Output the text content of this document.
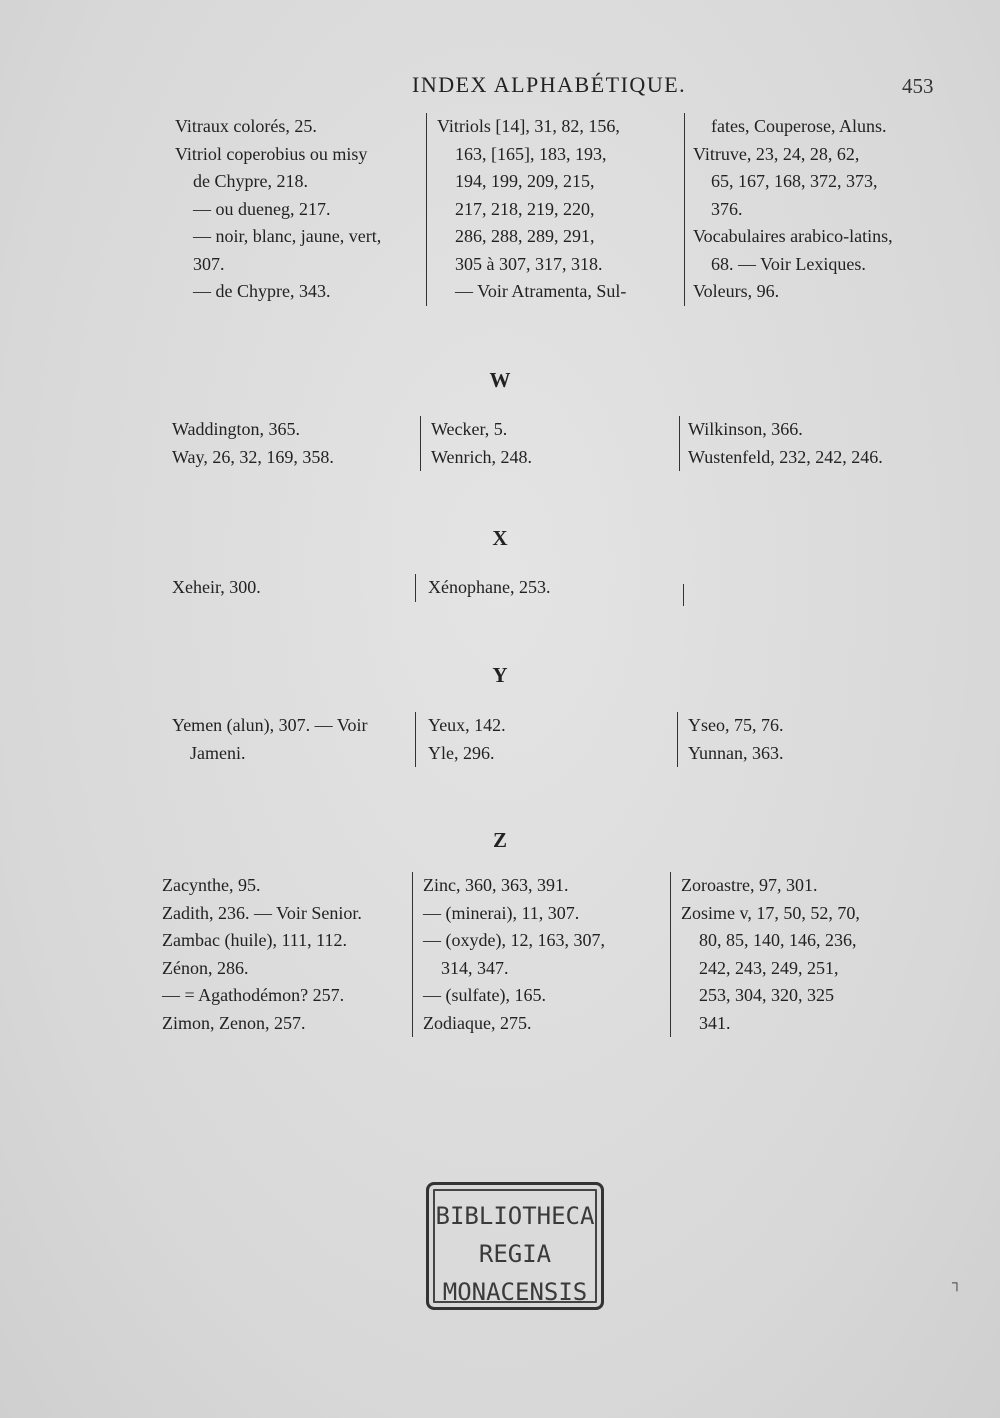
INDEX ALPHABÉTIQUE.	453

Vitraux colorés, 25.

Vitriol coperobius ou misy

de Chypre, 218.

— ou dueneg, 217.

— noir, blanc, jaune, vert,

307.

— de Chypre, 343.

Vitriols [14], 31, 82, 156,

163, [165], 183, 193,

194, 199, 209, 215,

217, 218, 219, 220,

286, 288, 289, 291,

305 à 307, 317, 318.

— Voir Atramenta, Sul-

fates, Couperose, Aluns.

Vitruve, 23, 24, 28, 62,

65, 167, 168, 372, 373,

376.

Vocabulaires arabico-latins,

68. — Voir Lexiques.

Voleurs, 96.

W

Waddington, 365.

Way, 26, 32, 169, 358.

Wecker, 5.

Wenrich, 248.

Wilkinson, 366.

Wustenfeld, 232, 242, 246.

X

Xeheir, 300.	Xénophane, 253.

Y

Yemen (alun), 307. — Voir

Jameni.

Yeux, 142.

Yle, 296.

Yseo, 75, 76.

Yunnan, 363.

Z

Zacynthe, 95.

Zadith, 236. — Voir Senior.

Zambac (huile), 111, 112.

Zénon, 286.

— = Agathodémon? 257.

Zimon, Zenon, 257.

Zinc, 360, 363, 391.

— (minerai), 11, 307.

— (oxyde), 12, 163, 307,

314, 347.

— (sulfate), 165.

Zodiaque, 275.

Zoroastre, 97, 301.

Zosime v, 17, 50, 52, 70,

80, 85, 140, 146, 236,

242, 243, 249, 251,

253, 304, 320, 325

341.

BIBLIOTHECA
REGIA
MONACENSIS	┐
